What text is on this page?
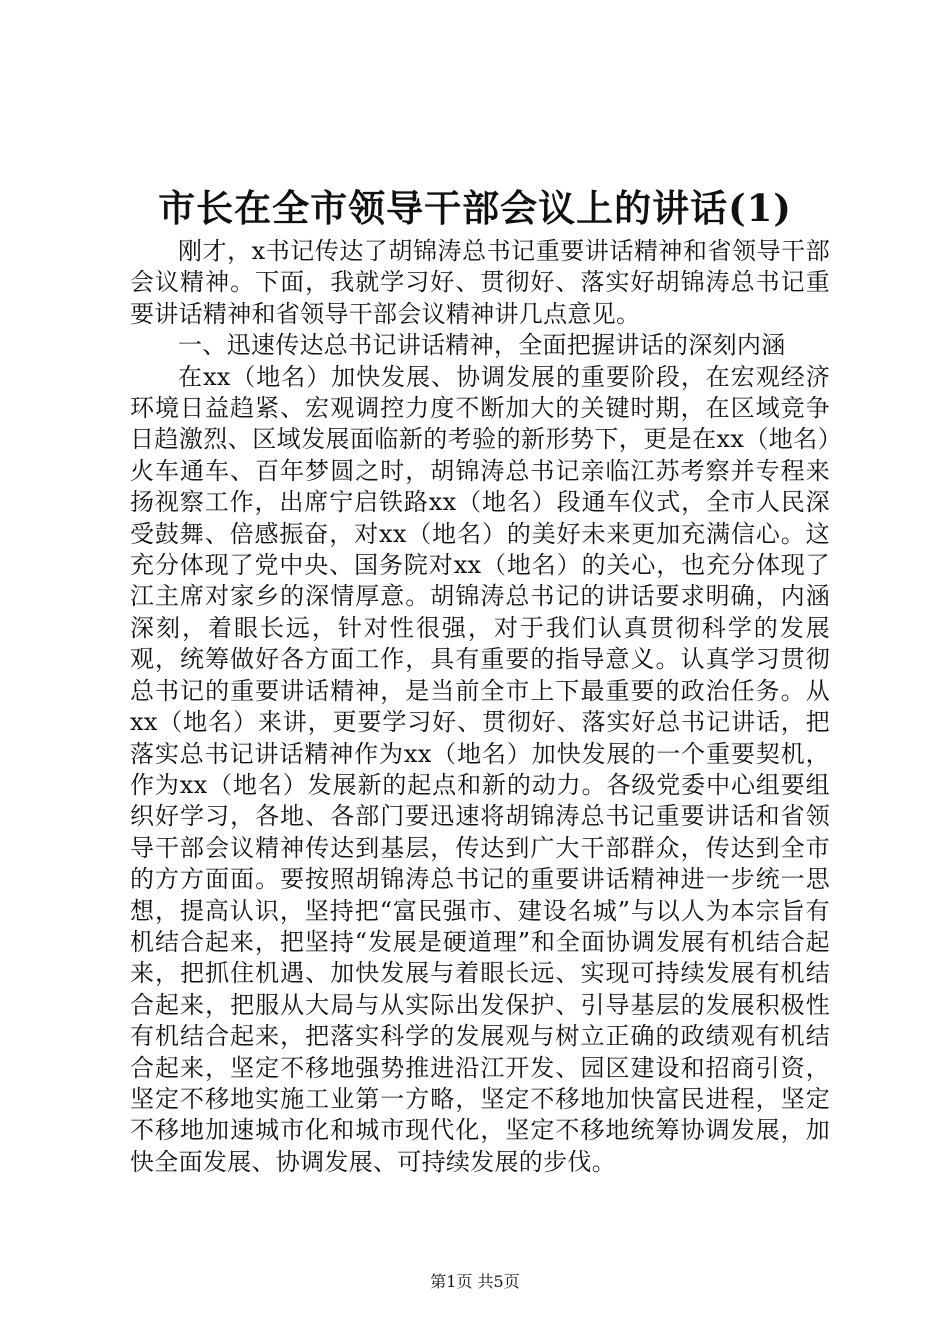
市长在全市领导干部会议上的讲话(1)

刚才，x书记传达了胡锦涛总书记重要讲话精神和省领导干部会议精神。下面，我就学习好、贯彻好、落实好胡锦涛总书记重要讲话精神和省领导干部会议精神讲几点意见。

一、迅速传达总书记讲话精神，全面把握讲话的深刻内涵

在xx（地名）加快发展、协调发展的重要阶段，在宏观经济环境日益趋紧、宏观调控力度不断加大的关键时期，在区域竞争日趋激烈、区域发展面临新的考验的新形势下，更是在xx（地名）火车通车、百年梦圆之时，胡锦涛总书记亲临江苏考察并专程来扬视察工作，出席宁启铁路xx（地名）段通车仪式，全市人民深受鼓舞、倍感振奋，对xx（地名）的美好未来更加充满信心。这充分体现了党中央、国务院对xx（地名）的关心，也充分体现了江主席对家乡的深情厚意。胡锦涛总书记的讲话要求明确，内涵深刻，着眼长远，针对性很强，对于我们认真贯彻科学的发展观，统筹做好各方面工作，具有重要的指导意义。认真学习贯彻总书记的重要讲话精神，是当前全市上下最重要的政治任务。从xx（地名）来讲，更要学习好、贯彻好、落实好总书记讲话，把落实总书记讲话精神作为xx（地名）加快发展的一个重要契机，作为xx（地名）发展新的起点和新的动力。各级党委中心组要组织好学习，各地、各部门要迅速将胡锦涛总书记重要讲话和省领导干部会议精神传达到基层，传达到广大干部群众，传达到全市的方方面面。要按照胡锦涛总书记的重要讲话精神进一步统一思想，提高认识，坚持把“富民强市、建设名城”与以人为本宗旨有机结合起来，把坚持“发展是硬道理”和全面协调发展有机结合起来，把抓住机遇、加快发展与着眼长远、实现可持续发展有机结合起来，把服从大局与从实际出发保护、引导基层的发展积极性有机结合起来，把落实科学的发展观与树立正确的政绩观有机结合起来，坚定不移地强势推进沿江开发、园区建设和招商引资，坚定不移地实施工业第一方略，坚定不移地加快富民进程，坚定不移地加速城市化和城市现代化，坚定不移地统筹协调发展，加快全面发展、协调发展、可持续发展的步伐。

第1页 共5页
